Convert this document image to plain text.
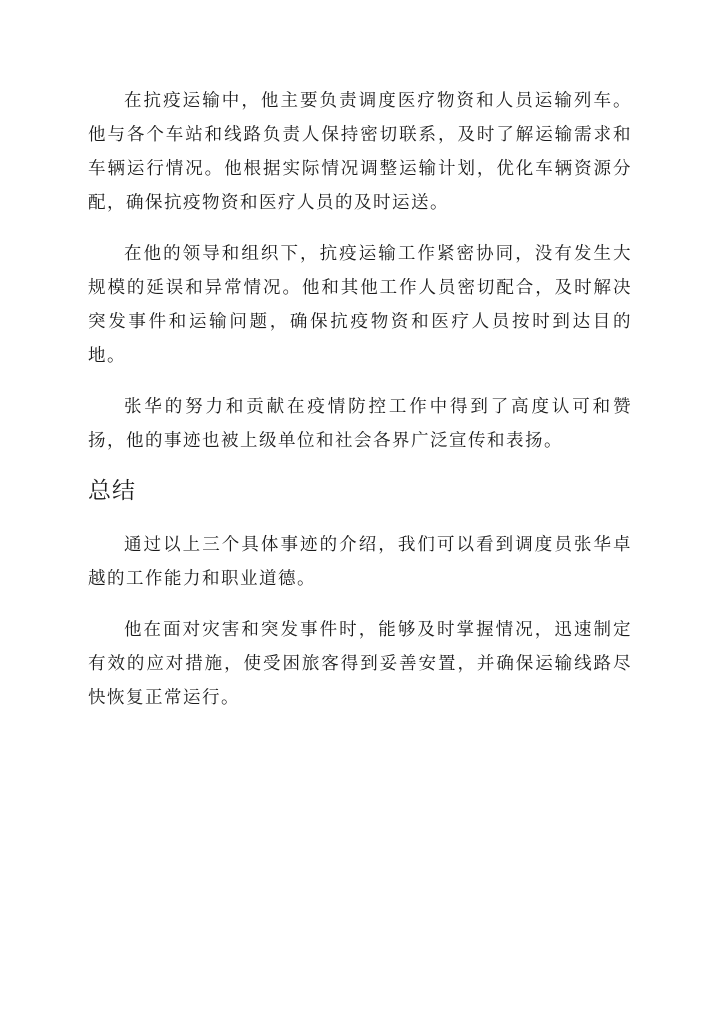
在抗疫运输中，他主要负责调度医疗物资和人员运输列车。他与各个车站和线路负责人保持密切联系，及时了解运输需求和车辆运行情况。他根据实际情况调整运输计划，优化车辆资源分配，确保抗疫物资和医疗人员的及时运送。

在他的领导和组织下，抗疫运输工作紧密协同，没有发生大规模的延误和异常情况。他和其他工作人员密切配合，及时解决突发事件和运输问题，确保抗疫物资和医疗人员按时到达目的地。

张华的努力和贡献在疫情防控工作中得到了高度认可和赞扬，他的事迹也被上级单位和社会各界广泛宣传和表扬。

总结

通过以上三个具体事迹的介绍，我们可以看到调度员张华卓越的工作能力和职业道德。

他在面对灾害和突发事件时，能够及时掌握情况，迅速制定有效的应对措施，使受困旅客得到妥善安置，并确保运输线路尽快恢复正常运行。
